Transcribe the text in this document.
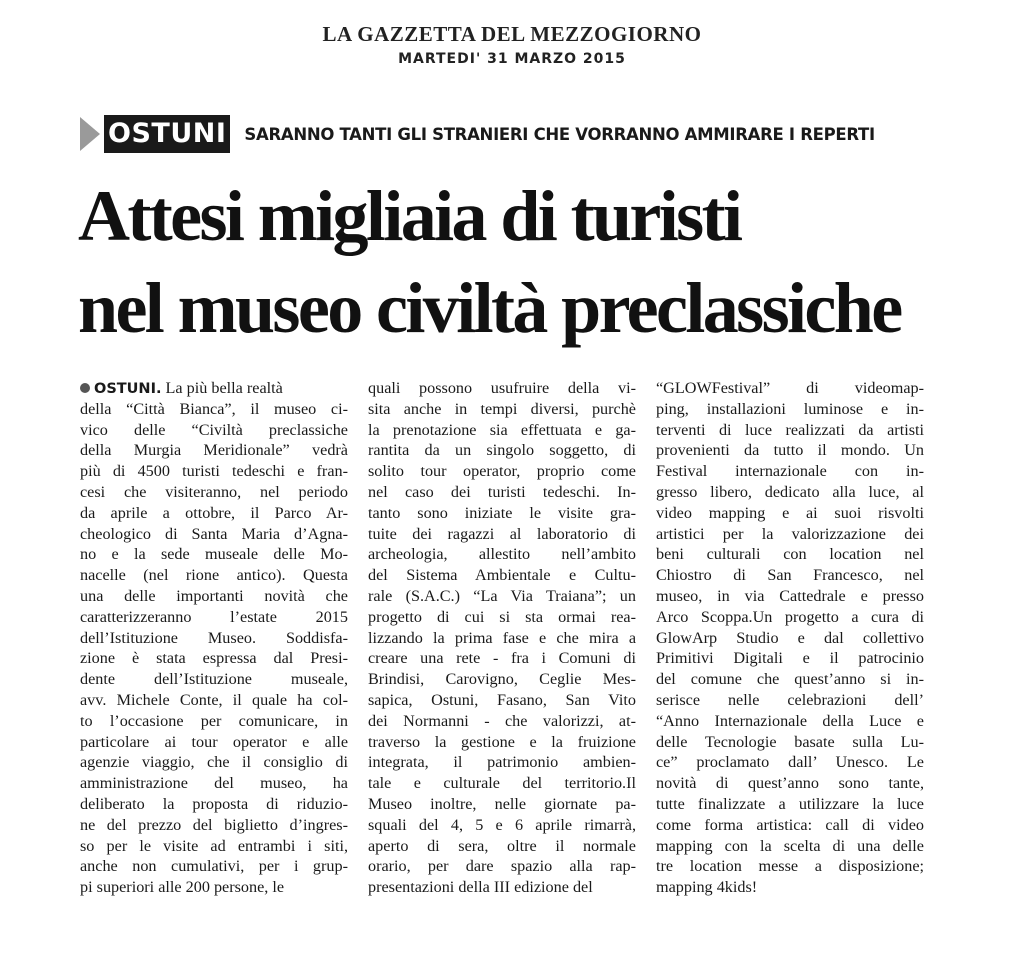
LA GAZZETTA DEL MEZZOGIORNO
MARTEDI' 31 MARZO 2015
OSTUNI SARANNO TANTI GLI STRANIERI CHE VORRANNO AMMIRARE I REPERTI
Attesi migliaia di turisti
nel museo civiltà preclassiche
OSTUNI. La più bella realtà
della “Città Bianca”, il museo ci-
vico delle “Civiltà preclassiche
della Murgia Meridionale” vedrà
più di 4500 turisti tedeschi e fran-
cesi che visiteranno, nel periodo
da aprile a ottobre, il Parco Ar-
cheologico di Santa Maria d’Agna-
no e la sede museale delle Mo-
nacelle (nel rione antico). Questa
una delle importanti novità che
caratterizzeranno l’estate 2015
dell’Istituzione Museo. Soddisfa-
zione è stata espressa dal Presi-
dente dell’Istituzione museale,
avv. Michele Conte, il quale ha col-
to l’occasione per comunicare, in
particolare ai tour operator e alle
agenzie viaggio, che il consiglio di
amministrazione del museo, ha
deliberato la proposta di riduzio-
ne del prezzo del biglietto d’ingres-
so per le visite ad entrambi i siti,
anche non cumulativi, per i grup-
pi superiori alle 200 persone, le
quali possono usufruire della vi-
sita anche in tempi diversi, purchè
la prenotazione sia effettuata e ga-
rantita da un singolo soggetto, di
solito tour operator, proprio come
nel caso dei turisti tedeschi. In-
tanto sono iniziate le visite gra-
tuite dei ragazzi al laboratorio di
archeologia, allestito nell’ambito
del Sistema Ambientale e Cultu-
rale (S.A.C.) “La Via Traiana”; un
progetto di cui si sta ormai rea-
lizzando la prima fase e che mira a
creare una rete - fra i Comuni di
Brindisi, Carovigno, Ceglie Mes-
sapica, Ostuni, Fasano, San Vito
dei Normanni - che valorizzi, at-
traverso la gestione e la fruizione
integrata, il patrimonio ambien-
tale e culturale del territorio.Il
Museo inoltre, nelle giornate pa-
squali del 4, 5 e 6 aprile rimarrà,
aperto di sera, oltre il normale
orario, per dare spazio alla rap-
presentazioni della III edizione del
“GLOWFestival” di videomap-
ping, installazioni luminose e in-
terventi di luce realizzati da artisti
provenienti da tutto il mondo. Un
Festival internazionale con in-
gresso libero, dedicato alla luce, al
video mapping e ai suoi risvolti
artistici per la valorizzazione dei
beni culturali con location nel
Chiostro di San Francesco, nel
museo, in via Cattedrale e presso
Arco Scoppa.Un progetto a cura di
GlowArp Studio e dal collettivo
Primitivi Digitali e il patrocinio
del comune che quest’anno si in-
serisce nelle celebrazioni dell’
“Anno Internazionale della Luce e
delle Tecnologie basate sulla Lu-
ce” proclamato dall’ Unesco. Le
novità di quest’anno sono tante,
tutte finalizzate a utilizzare la luce
come forma artistica: call di video
mapping con la scelta di una delle
tre location messe a disposizione;
mapping 4kids!
